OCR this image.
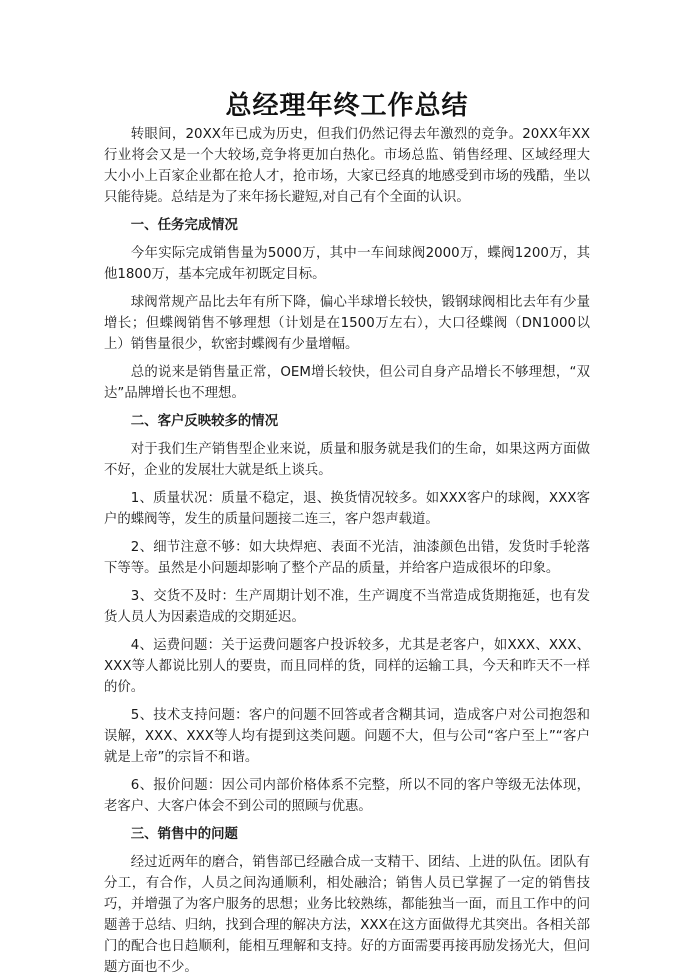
总经理年终工作总结

转眼间，20XX年已成为历史，但我们仍然记得去年激烈的竞争。20XX年XX行业将会又是一个大较场,竞争将更加白热化。市场总监、销售经理、区域经理大大小小上百家企业都在抢人才，抢市场，大家已经真的地感受到市场的残酷，坐以只能待毙。总结是为了来年扬长避短,对自己有个全面的认识。

一、任务完成情况

今年实际完成销售量为5000万，其中一车间球阀2000万，蝶阀1200万，其他1800万，基本完成年初既定目标。

球阀常规产品比去年有所下降，偏心半球增长较快，锻钢球阀相比去年有少量增长；但蝶阀销售不够理想（计划是在1500万左右），大口径蝶阀（DN1000以上）销售量很少，软密封蝶阀有少量增幅。

总的说来是销售量正常，OEM增长较快，但公司自身产品增长不够理想，“双达”品牌增长也不理想。

二、客户反映较多的情况

对于我们生产销售型企业来说，质量和服务就是我们的生命，如果这两方面做不好，企业的发展壮大就是纸上谈兵。

1、质量状况：质量不稳定，退、换货情况较多。如XXX客户的球阀，XXX客户的蝶阀等，发生的质量问题接二连三，客户怨声载道。

2、细节注意不够：如大块焊疤、表面不光洁，油漆颜色出错，发货时手轮落下等等。虽然是小问题却影响了整个产品的质量，并给客户造成很坏的印象。

3、交货不及时：生产周期计划不准，生产调度不当常造成货期拖延，也有发货人员人为因素造成的交期延迟。

4、运费问题：关于运费问题客户投诉较多，尤其是老客户，如XXX、XXX、XXX等人都说比别人的要贵，而且同样的货，同样的运输工具，今天和昨天不一样的价。

5、技术支持问题：客户的问题不回答或者含糊其词，造成客户对公司抱怨和误解，XXX、XXX等人均有提到这类问题。问题不大，但与公司“客户至上”“客户就是上帝”的宗旨不和谐。

6、报价问题：因公司内部价格体系不完整，所以不同的客户等级无法体现，老客户、大客户体会不到公司的照顾与优惠。

三、销售中的问题

经过近两年的磨合，销售部已经融合成一支精干、团结、上进的队伍。团队有分工，有合作，人员之间沟通顺利，相处融洽；销售人员已掌握了一定的销售技巧，并增强了为客户服务的思想；业务比较熟练，都能独当一面，而且工作中的问题善于总结、归纳，找到合理的解决方法，XXX在这方面做得尤其突出。各相关部门的配合也日趋顺利，能相互理解和支持。好的方面需要再接再励发扬光大，但问题方面也不少。
